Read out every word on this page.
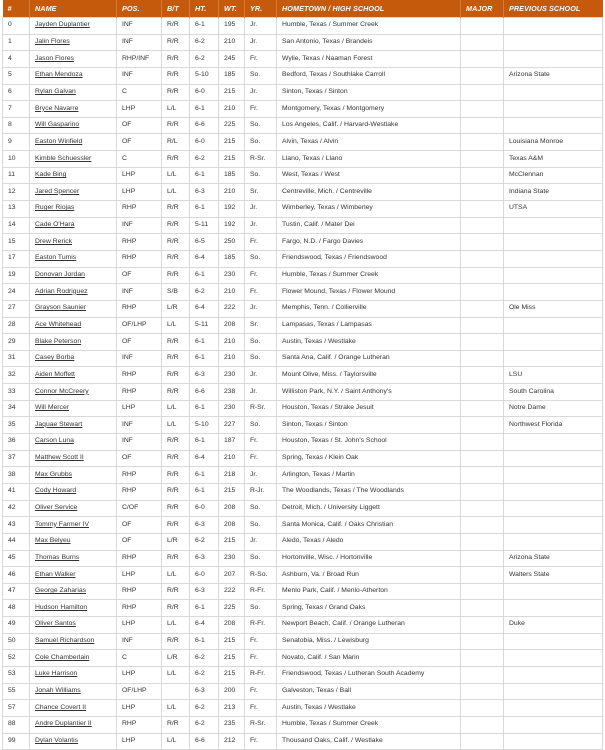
#	NAME	POS.	B/T	HT.	WT.	YR.	HOMETOWN / HIGH SCHOOL	MAJOR	PREVIOUS SCHOOL
0	Jayden Duplantier	INF	R/R	6-1	195	Jr.	Humble, Texas / Summer Creek		
1	Jalin Flores	INF	R/R	6-2	210	Jr.	San Antonio, Texas / Brandeis		
4	Jason Flores	RHP/INF	R/R	6-2	245	Fr.	Wylie, Texas / Naaman Forest		
5	Ethan Mendoza	INF	R/R	5-10	185	So.	Bedford, Texas / Southlake Carroll		Arizona State
6	Rylan Galvan	C	R/R	6-0	215	Jr.	Sinton, Texas / Sinton		
7	Bryce Navarre	LHP	L/L	6-1	210	Fr.	Montgomery, Texas / Montgomery		
8	Will Gasparino	OF	R/R	6-6	225	So.	Los Angeles, Calif. / Harvard-Westlake		
9	Easton Winfield	OF	R/L	6-0	215	So.	Alvin, Texas / Alvin		Louisiana Monroe
10	Kimble Schuessler	C	R/R	6-2	215	R-Sr.	Llano, Texas / Llano		Texas A&M
11	Kade Bing	LHP	L/L	6-1	185	So.	West, Texas / West		McClennan
12	Jared Spencer	LHP	L/L	6-3	210	Sr.	Centreville, Mich. / Centreville		Indiana State
13	Ruger Riojas	RHP	R/R	6-1	192	Jr.	Wimberley, Texas / Wimberley		UTSA
14	Cade O'Hara	INF	R/R	5-11	192	Jr.	Tustin, Calif. / Mater Dei		
15	Drew Rerick	RHP	R/R	6-5	250	Fr.	Fargo, N.D. / Fargo Davies		
17	Easton Tumis	RHP	R/R	6-4	185	So.	Friendswood, Texas / Friendswood		
19	Donovan Jordan	OF	R/R	6-1	230	Fr.	Humble, Texas / Summer Creek		
24	Adrian Rodriguez	INF	S/B	6-2	210	Fr.	Flower Mound, Texas / Flower Mound		
27	Grayson Saunier	RHP	L/R	6-4	222	Jr.	Memphis, Tenn. / Collierville		Ole Miss
28	Ace Whitehead	OF/LHP	L/L	5-11	208	Sr.	Lampasas, Texas / Lampasas		
29	Blake Peterson	OF	R/R	6-1	210	So.	Austin, Texas / Westlake		
31	Casey Borba	INF	R/R	6-1	210	So.	Santa Ana, Calif. / Orange Lutheran		
32	Aiden Moffett	RHP	R/R	6-3	230	Jr.	Mount Olive, Miss. / Taylorsville		LSU
33	Connor McCreery	RHP	R/R	6-6	238	Jr.	Williston Park, N.Y. / Saint Anthony's		South Carolina
34	Will Mercer	LHP	L/L	6-1	230	R-Sr.	Houston, Texas / Strake Jesuit		Notre Dame
35	Jaquae Stewart	INF	L/L	5-10	227	So.	Sinton, Texas / Sinton		Northwest Florida
36	Carson Luna	INF	R/R	6-1	187	Fr.	Houston, Texas / St. John's School		
37	Matthew Scott II	OF	R/R	6-4	210	Fr.	Spring, Texas / Klein Oak		
38	Max Grubbs	RHP	R/R	6-1	218	Jr.	Arlington, Texas / Martin		
41	Cody Howard	RHP	R/R	6-1	215	R-Jr.	The Woodlands, Texas / The Woodlands		
42	Oliver Service	C/OF	R/R	6-0	208	So.	Detroit, Mich. / University Liggett		
43	Tommy Farmer IV	OF	R/R	6-3	208	So.	Santa Monica, Calif. / Oaks Christian		
44	Max Belyeu	OF	L/R	6-2	215	Jr.	Aledo, Texas / Aledo		
45	Thomas Burns	RHP	R/R	6-3	230	So.	Hortonville, Wisc. / Hortonville		Arizona State
46	Ethan Walker	LHP	L/L	6-0	207	R-So.	Ashburn, Va. / Broad Run		Walters State
47	George Zaharias	RHP	R/R	6-3	222	R-Fr.	Menlo Park, Calif. / Menlo-Atherton		
48	Hudson Hamilton	RHP	R/R	6-1	225	So.	Spring, Texas / Grand Oaks		
49	Oliver Santos	LHP	L/L	6-4	208	R-Fr.	Newport Beach, Calif. / Orange Lutheran		Duke
50	Samuel Richardson	INF	R/R	6-1	215	Fr.	Senatobia, Miss. / Lewisburg		
52	Cole Chamberlain	C	L/R	6-2	215	Fr.	Novato, Calif. / San Marin		
53	Luke Harrison	LHP	L/L	6-2	215	R-Fr.	Friendswood, Texas / Lutheran South Academy		
55	Jonah Williams	OF/LHP		6-3	200	Fr.	Galveston, Texas / Ball		
57	Chance Covert II	LHP	L/L	6-2	213	Fr.	Austin, Texas / Westlake		
88	Andre Duplantier II	RHP	R/R	6-2	235	R-Sr.	Humble, Texas / Summer Creek		
99	Dylan Volantis	LHP	L/L	6-6	212	Fr.	Thousand Oaks, Calif. / Westlake		
